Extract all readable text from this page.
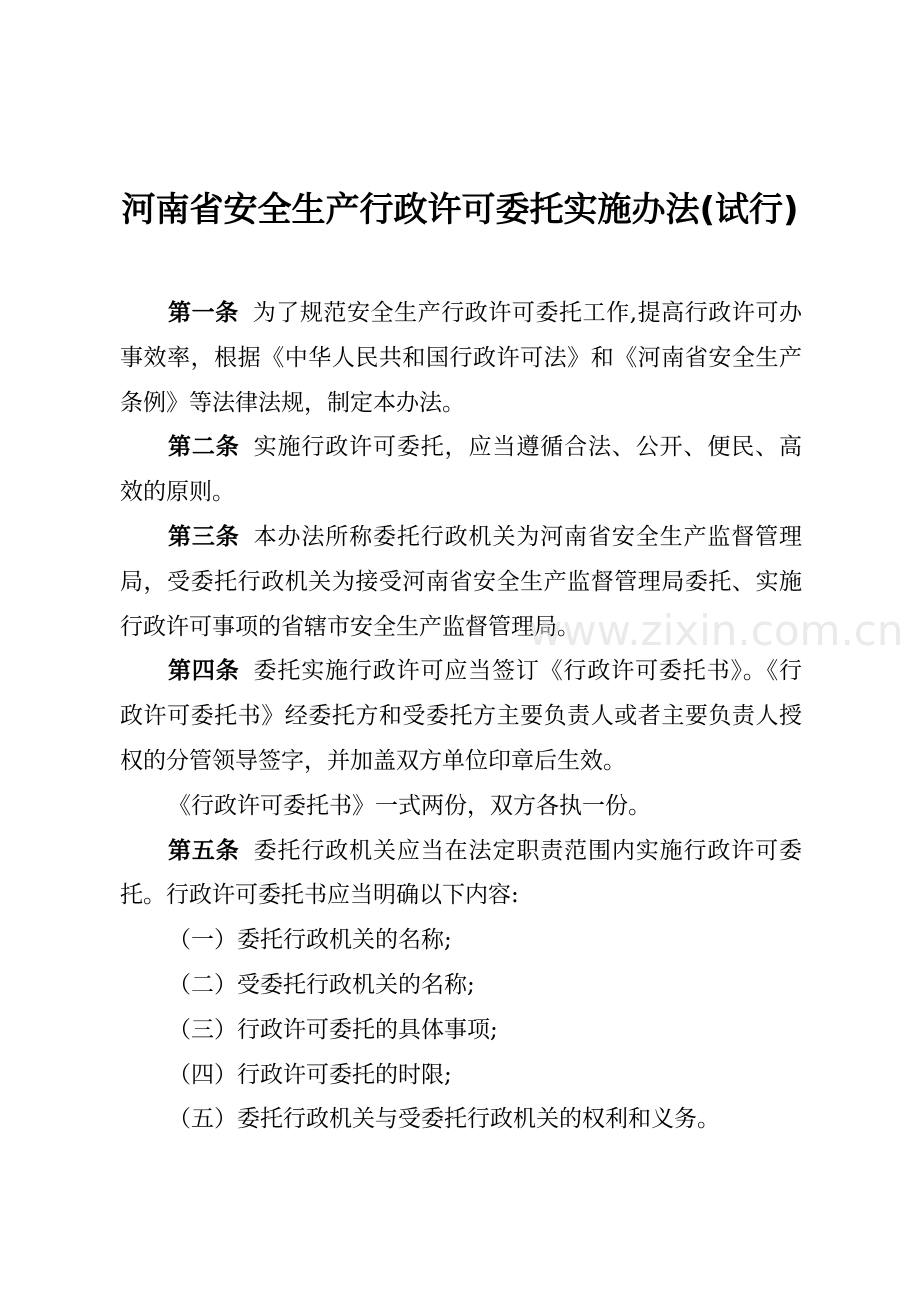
河南省安全生产行政许可委托实施办法(试行)

第一条 为了规范安全生产行政许可委托工作,提高行政许可办事效率，根据《中华人民共和国行政许可法》和《河南省安全生产条例》等法律法规，制定本办法。

第二条 实施行政许可委托，应当遵循合法、公开、便民、高效的原则。

第三条 本办法所称委托行政机关为河南省安全生产监督管理局，受委托行政机关为接受河南省安全生产监督管理局委托、实施行政许可事项的省辖市安全生产监督管理局。

第四条 委托实施行政许可应当签订《行政许可委托书》。《行政许可委托书》经委托方和受委托方主要负责人或者主要负责人授权的分管领导签字，并加盖双方单位印章后生效。

《行政许可委托书》一式两份，双方各执一份。

第五条 委托行政机关应当在法定职责范围内实施行政许可委托。行政许可委托书应当明确以下内容:

（一）委托行政机关的名称;

（二）受委托行政机关的名称;

（三）行政许可委托的具体事项;

（四）行政许可委托的时限;

（五）委托行政机关与受委托行政机关的权利和义务。

www.zixin.com.cn
